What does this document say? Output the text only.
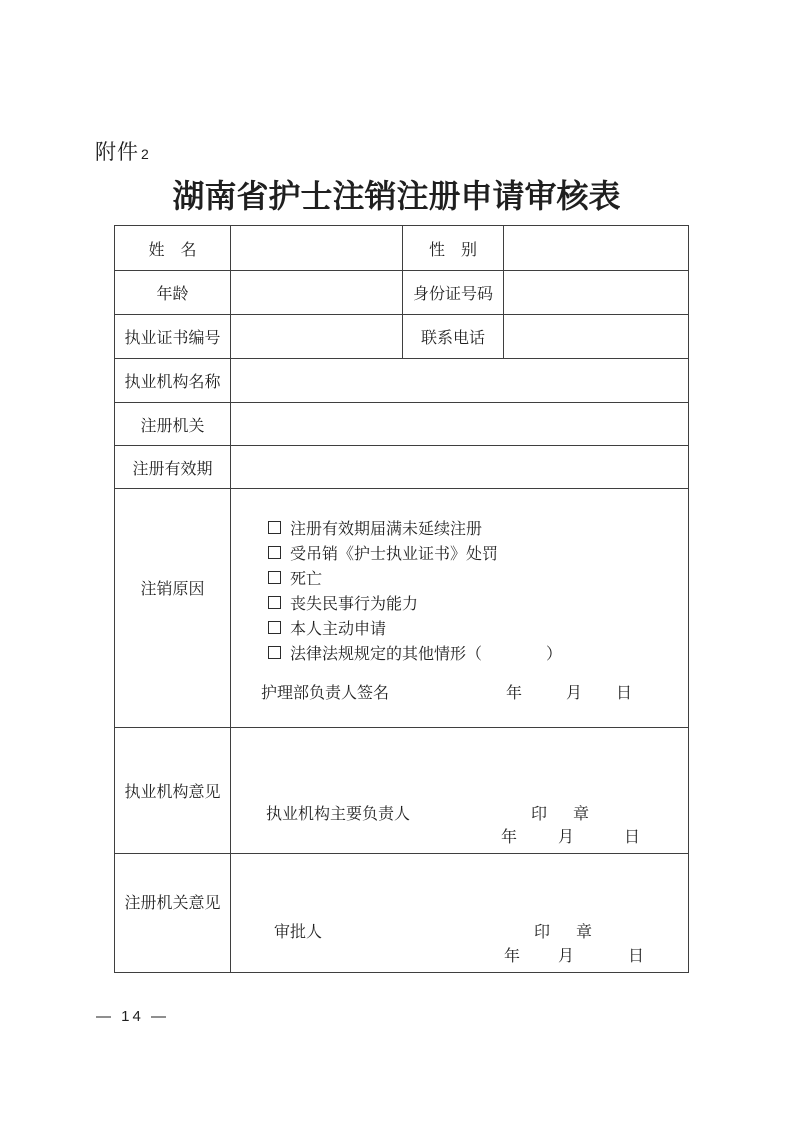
附件 2
湖南省护士注销注册申请审核表
姓　名		性　别	
年龄		身份证号码	
执业证书编号		联系电话	
执业机构名称			
注册机关			
注册有效期			
注销原因	
注册有效期届满未延续注册
受吊销《护士执业证书》处罚
死亡
丧失民事行为能力
本人主动申请
法律法规规定的其他情形（　　　　）
护理部负责人签名	年	月 日

执业机构意见	执业机构主要负责人 印　章
年 月 日		

注册机关意见	审批人 印　章
年 月 日		
— 14 —
